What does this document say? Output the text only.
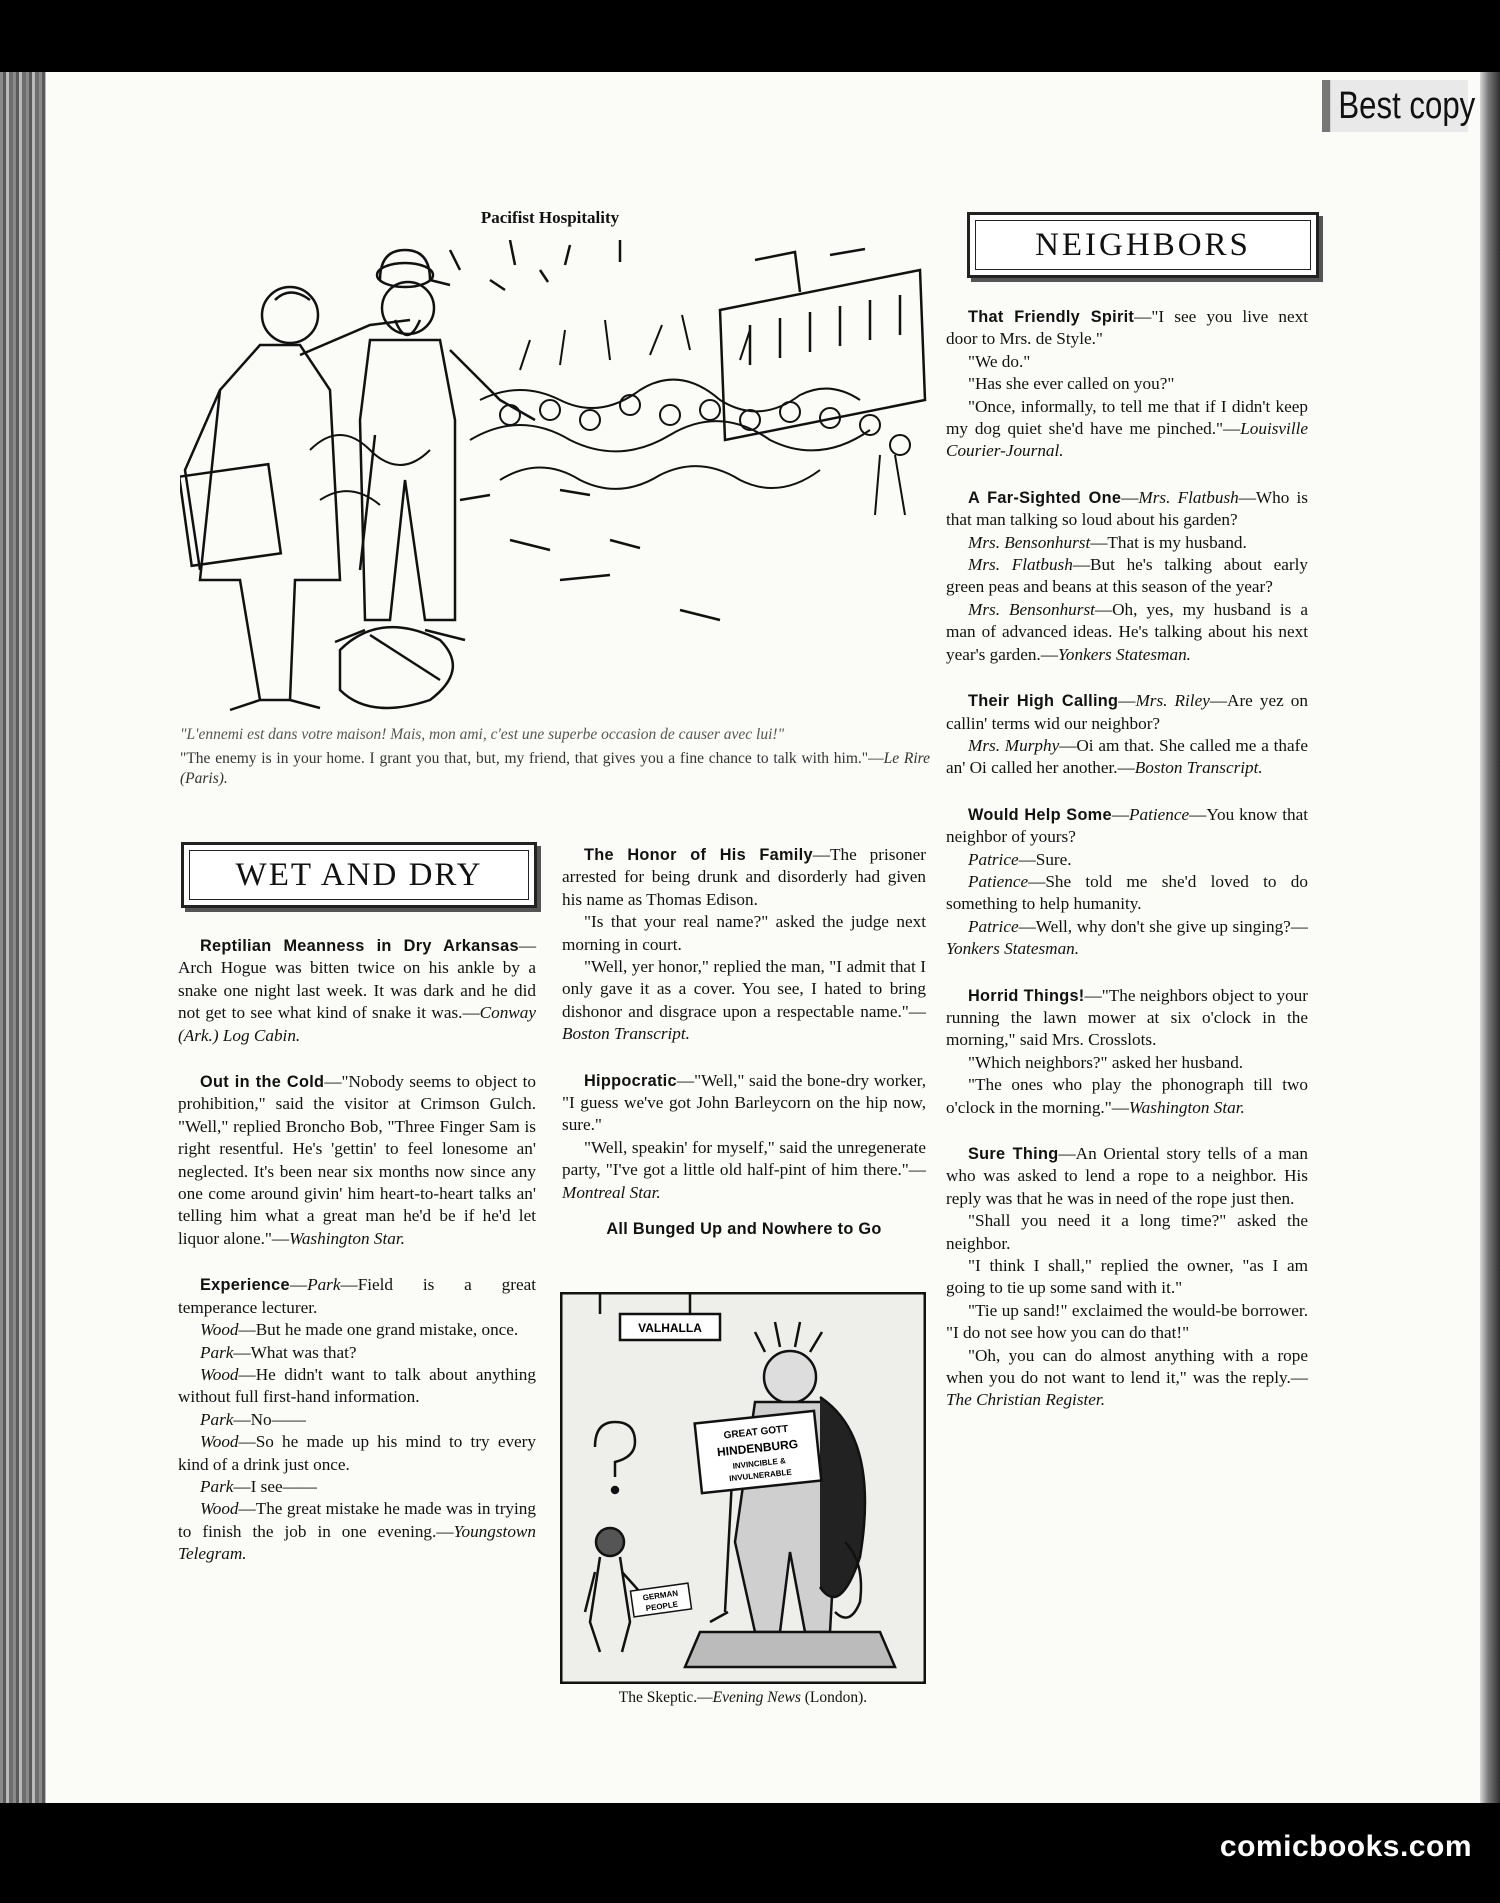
Best copy
Pacifist Hospitality
"L'ennemi est dans votre maison! Mais, mon ami, c'est une superbe occasion de causer avec lui!"
"The enemy is in your home. I grant you that, but, my friend, that gives you a fine chance to talk with him."—Le Rire (Paris).
NEIGHBORS
WET AND DRY

Reptilian Meanness in Dry Arkansas—Arch Hogue was bitten twice on his ankle by a snake one night last week. It was dark and he did not get to see what kind of snake it was.—Conway (Ark.) Log Cabin.

Out in the Cold—"Nobody seems to object to prohibition," said the visitor at Crimson Gulch. "Well," replied Broncho Bob, "Three Finger Sam is right resentful. He's 'gettin' to feel lonesome an' neglected. It's been near six months now since any one come around givin' him heart-to-heart talks an' telling him what a great man he'd be if he'd let liquor alone."—Washington Star.

Experience—Park—Field is a great temperance lecturer.

Wood—But he made one grand mistake, once.

Park—What was that?

Wood—He didn't want to talk about anything without full first-hand information.

Park—No——

Wood—So he made up his mind to try every kind of a drink just once.

Park—I see——

Wood—The great mistake he made was in trying to finish the job in one evening.—Youngstown Telegram.

The Honor of His Family—The prisoner arrested for being drunk and disorderly had given his name as Thomas Edison.

"Is that your real name?" asked the judge next morning in court.

"Well, yer honor," replied the man, "I admit that I only gave it as a cover. You see, I hated to bring dishonor and disgrace upon a respectable name."—Boston Transcript.

Hippocratic—"Well," said the bone-dry worker, "I guess we've got John Barleycorn on the hip now, sure."

"Well, speakin' for myself," said the unregenerate party, "I've got a little old half-pint of him there."—Montreal Star.

All Bunged Up and Nowhere to Go
VALHALLA
GREAT GOTT
HINDENBURG
INVINCIBLE &
INVULNERABLE
GERMAN
PEOPLE
The Skeptic.—Evening News (London).

That Friendly Spirit—"I see you live next door to Mrs. de Style."

"We do."

"Has she ever called on you?"

"Once, informally, to tell me that if I didn't keep my dog quiet she'd have me pinched."—Louisville Courier-Journal.

A Far-Sighted One—Mrs. Flatbush—Who is that man talking so loud about his garden?

Mrs. Bensonhurst—That is my husband.

Mrs. Flatbush—But he's talking about early green peas and beans at this season of the year?

Mrs. Bensonhurst—Oh, yes, my husband is a man of advanced ideas. He's talking about his next year's garden.—Yonkers Statesman.

Their High Calling—Mrs. Riley—Are yez on callin' terms wid our neighbor?

Mrs. Murphy—Oi am that. She called me a thafe an' Oi called her another.—Boston Transcript.

Would Help Some—Patience—You know that neighbor of yours?

Patrice—Sure.

Patience—She told me she'd loved to do something to help humanity.

Patrice—Well, why don't she give up singing?—Yonkers Statesman.

Horrid Things!—"The neighbors object to your running the lawn mower at six o'clock in the morning," said Mrs. Crosslots.

"Which neighbors?" asked her husband.

"The ones who play the phonograph till two o'clock in the morning."—Washington Star.

Sure Thing—An Oriental story tells of a man who was asked to lend a rope to a neighbor. His reply was that he was in need of the rope just then.

"Shall you need it a long time?" asked the neighbor.

"I think I shall," replied the owner, "as I am going to tie up some sand with it."

"Tie up sand!" exclaimed the would-be borrower. "I do not see how you can do that!"

"Oh, you can do almost anything with a rope when you do not want to lend it," was the reply.—The Christian Register.

comicbooks.com
